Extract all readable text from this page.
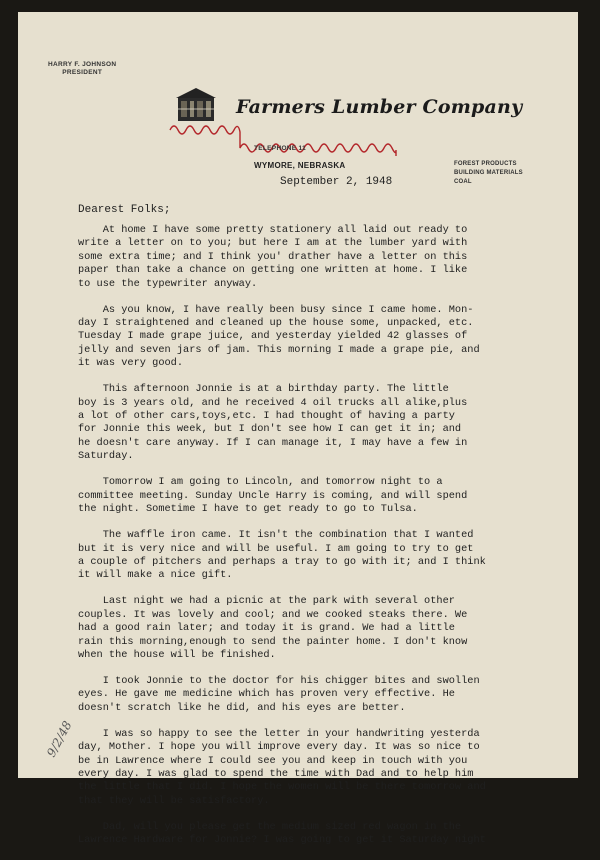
HARRY F. JOHNSON
PRESIDENT
Farmers Lumber Company
TELEPHONE 11
WYMORE, NEBRASKA	FOREST PRODUCTS
BUILDING MATERIALS
COAL
September 2, 1948
Dearest Folks;
At home I have some pretty stationery all laid out ready to
write a letter on to you; but here I am at the lumber yard with
some extra time; and I think you' drather have a letter on this
paper than take a chance on getting one written at home. I like
to use the typewriter anyway.
As you know, I have really been busy since I came home. Mon-
day I straightened and cleaned up the house some, unpacked, etc.
Tuesday I made grape juice, and yesterday yielded 42 glasses of
jelly and seven jars of jam. This morning I made a grape pie, and
it was very good.
This afternoon Jonnie is at a birthday party. The little
boy is 3 years old, and he received 4 oil trucks all alike,plus
a lot of other cars,toys,etc. I had thought of having a party
for Jonnie this week, but I don't see how I can get it in; and
he doesn't care anyway. If I can manage it, I may have a few in
Saturday.
Tomorrow I am going to Lincoln, and tomorrow night to a
committee meeting. Sunday Uncle Harry is coming, and will spend
the night. Sometime I have to get ready to go to Tulsa.
The waffle iron came. It isn't the combination that I wanted
but it is very nice and will be useful. I am going to try to get
a couple of pitchers and perhaps a tray to go with it; and I think
it will make a nice gift.
Last night we had a picnic at the park with several other
couples. It was lovely and cool; and we cooked steaks there. We
had a good rain later; and today it is grand. We had a little
rain this morning,enough to send the painter home. I don't know
when the house will be finished.
I took Jonnie to the doctor for his chigger bites and swollen
eyes. He gave me medicine which has proven very effective. He
doesn't scratch like he did, and his eyes are better.
I was so happy to see the letter in your handwriting yesterda
day, Mother. I hope you will improve every day. It was so nice to
be in Lawrence where I could see you and keep in touch with you
every day. I was glad to spend the time with Dad and to help him
the little that I did. I hope the women will be there tomorrow and
that they will be satisfactory.
Dad, will you please get the medium sized red wagon in the
Lawrence Hardware for Jonnie? I was going to get it Saturday night
9/2/48
